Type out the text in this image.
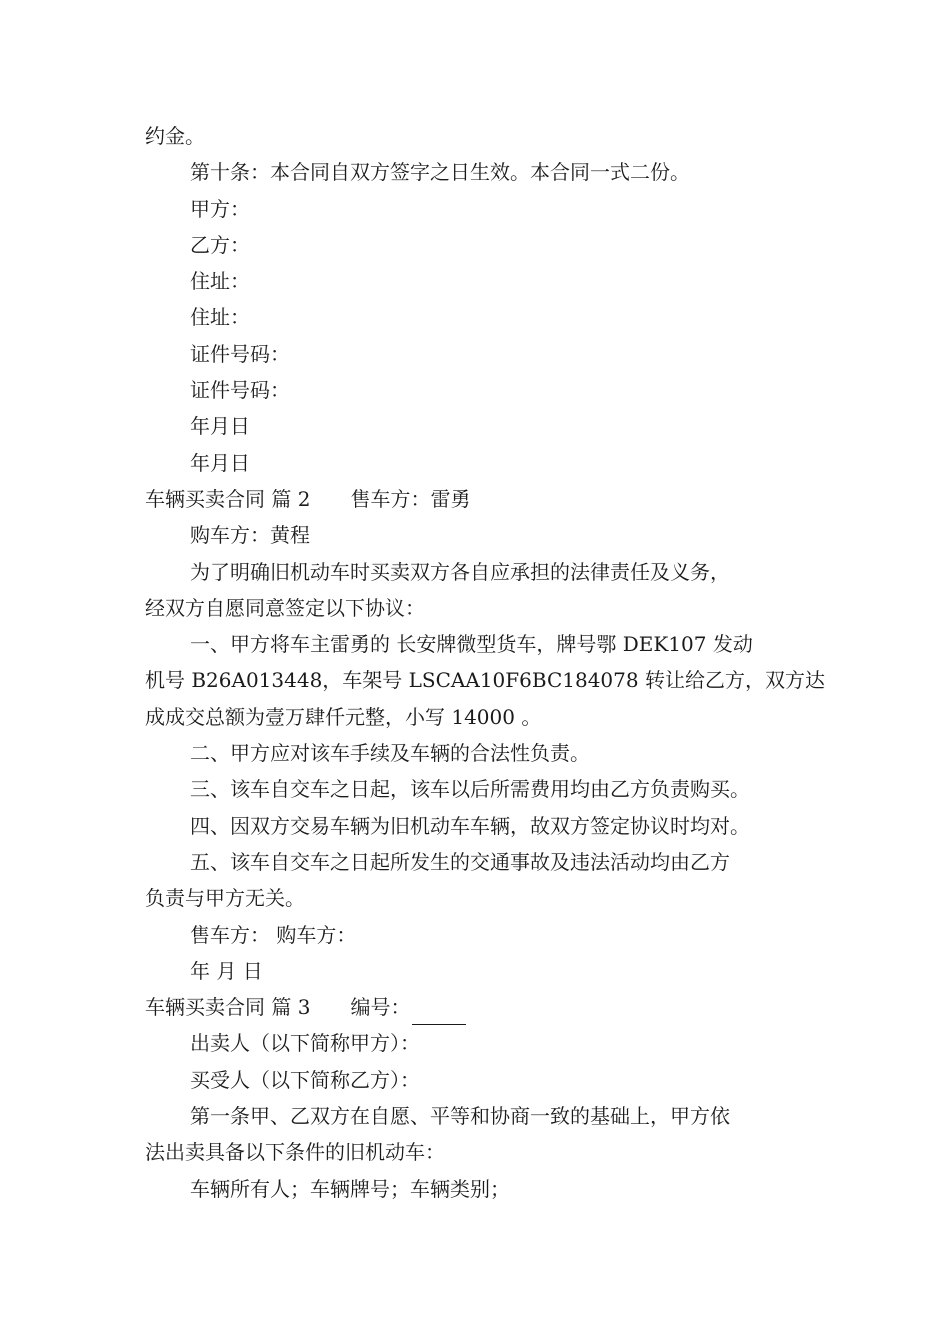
约金。
第十条：本合同自双方签字之日生效。本合同一式二份。
甲方：
乙方：
住址：
住址：
证件号码：
证件号码：
年月日
年月日
车辆买卖合同 篇 2 售车方：雷勇
购车方：黄程
为了明确旧机动车时买卖双方各自应承担的法律责任及义务，
经双方自愿同意签定以下协议：
一、甲方将车主雷勇的 长安牌微型货车，牌号鄂 DEK107 发动
机号 B26A013448，车架号 LSCAA10F6BC184078 转让给乙方，双方达
成成交总额为壹万肆仟元整，小写 14000 。
二、甲方应对该车手续及车辆的合法性负责。
三、该车自交车之日起，该车以后所需费用均由乙方负责购买。
四、因双方交易车辆为旧机动车车辆，故双方签定协议时均对。
五、该车自交车之日起所发生的交通事故及违法活动均由乙方
负责与甲方无关。
售车方： 购车方：
年 月 日
车辆买卖合同 篇 3 编号：
出卖人（以下简称甲方）：
买受人（以下简称乙方）：
第一条甲、乙双方在自愿、平等和协商一致的基础上，甲方依
法出卖具备以下条件的旧机动车：
车辆所有人；车辆牌号；车辆类别；
